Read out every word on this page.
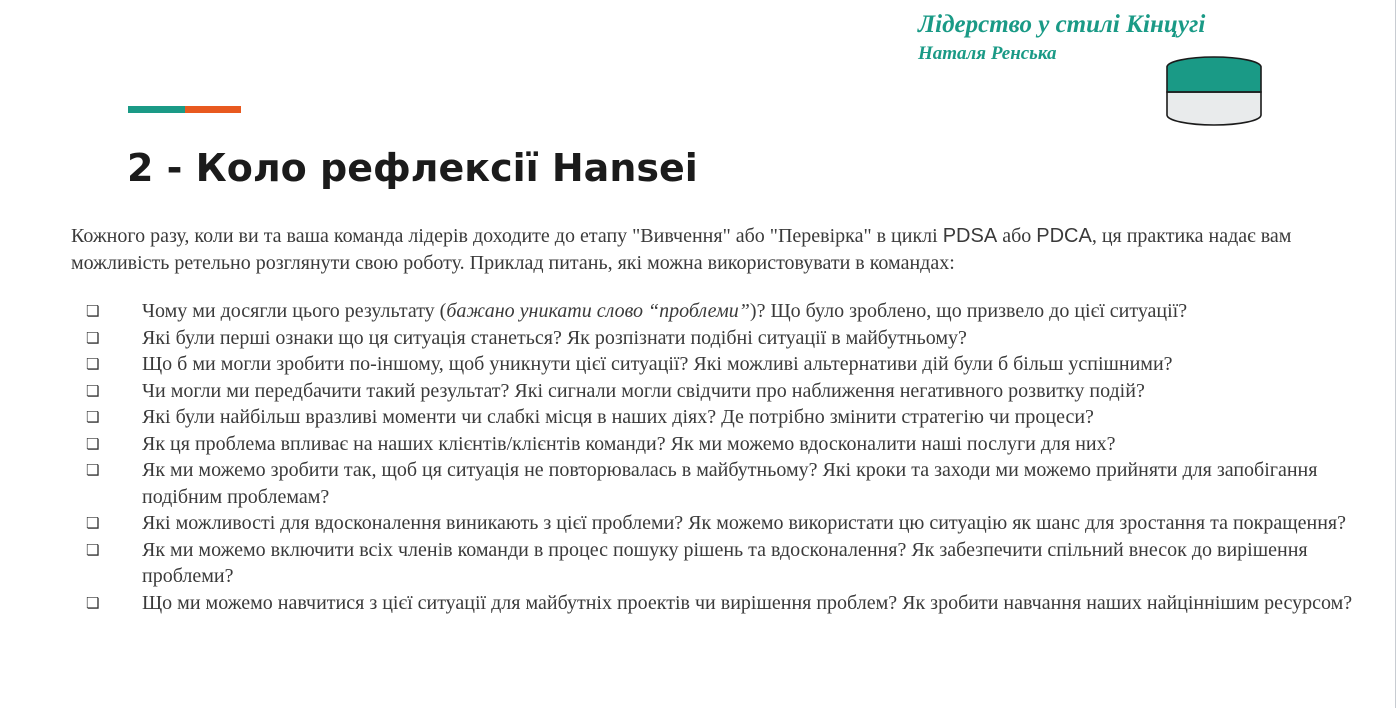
Лідерство у стилі Кінцугі
Наталя Ренська
2 - Коло рефлексії Hansei

Кожного разу, коли ви та ваша команда лідерів доходите до етапу "Вивчення" або "Перевірка" в циклі PDSA або PDCA, ця практика надає вам можливість ретельно розглянути свою роботу. Приклад питань, які можна використовувати в командах:

❏	Чому ми досягли цього результату (бажано уникати слово “проблеми”)? Що було зроблено, що призвело до цієї ситуації?
❏	Які були перші ознаки що ця ситуація станеться? Як розпізнати подібні ситуації в майбутньому?
❏	Що б ми могли зробити по-іншому, щоб уникнути цієї ситуації? Які можливі альтернативи дій були б більш успішними?
❏	Чи могли ми передбачити такий результат? Які сигнали могли свідчити про наближення негативного розвитку подій?
❏	Які були найбільш вразливі моменти чи слабкі місця в наших діях? Де потрібно змінити стратегію чи процеси?
❏	Як ця проблема впливає на наших клієнтів/клієнтів команди? Як ми можемо вдосконалити наші послуги для них?
❏	Як ми можемо зробити так, щоб ця ситуація не повторювалась в майбутньому? Які кроки та заходи ми можемо прийняти для запобігання подібним проблемам?
❏	Які можливості для вдосконалення виникають з цієї проблеми? Як можемо використати цю ситуацію як шанс для зростання та покращення?
❏	Як ми можемо включити всіх членів команди в процес пошуку рішень та вдосконалення? Як забезпечити спільний внесок до вирішення проблеми?
❏	Що ми можемо навчитися з цієї ситуації для майбутніх проектів чи вирішення проблем? Як зробити навчання наших найціннішим ресурсом?
